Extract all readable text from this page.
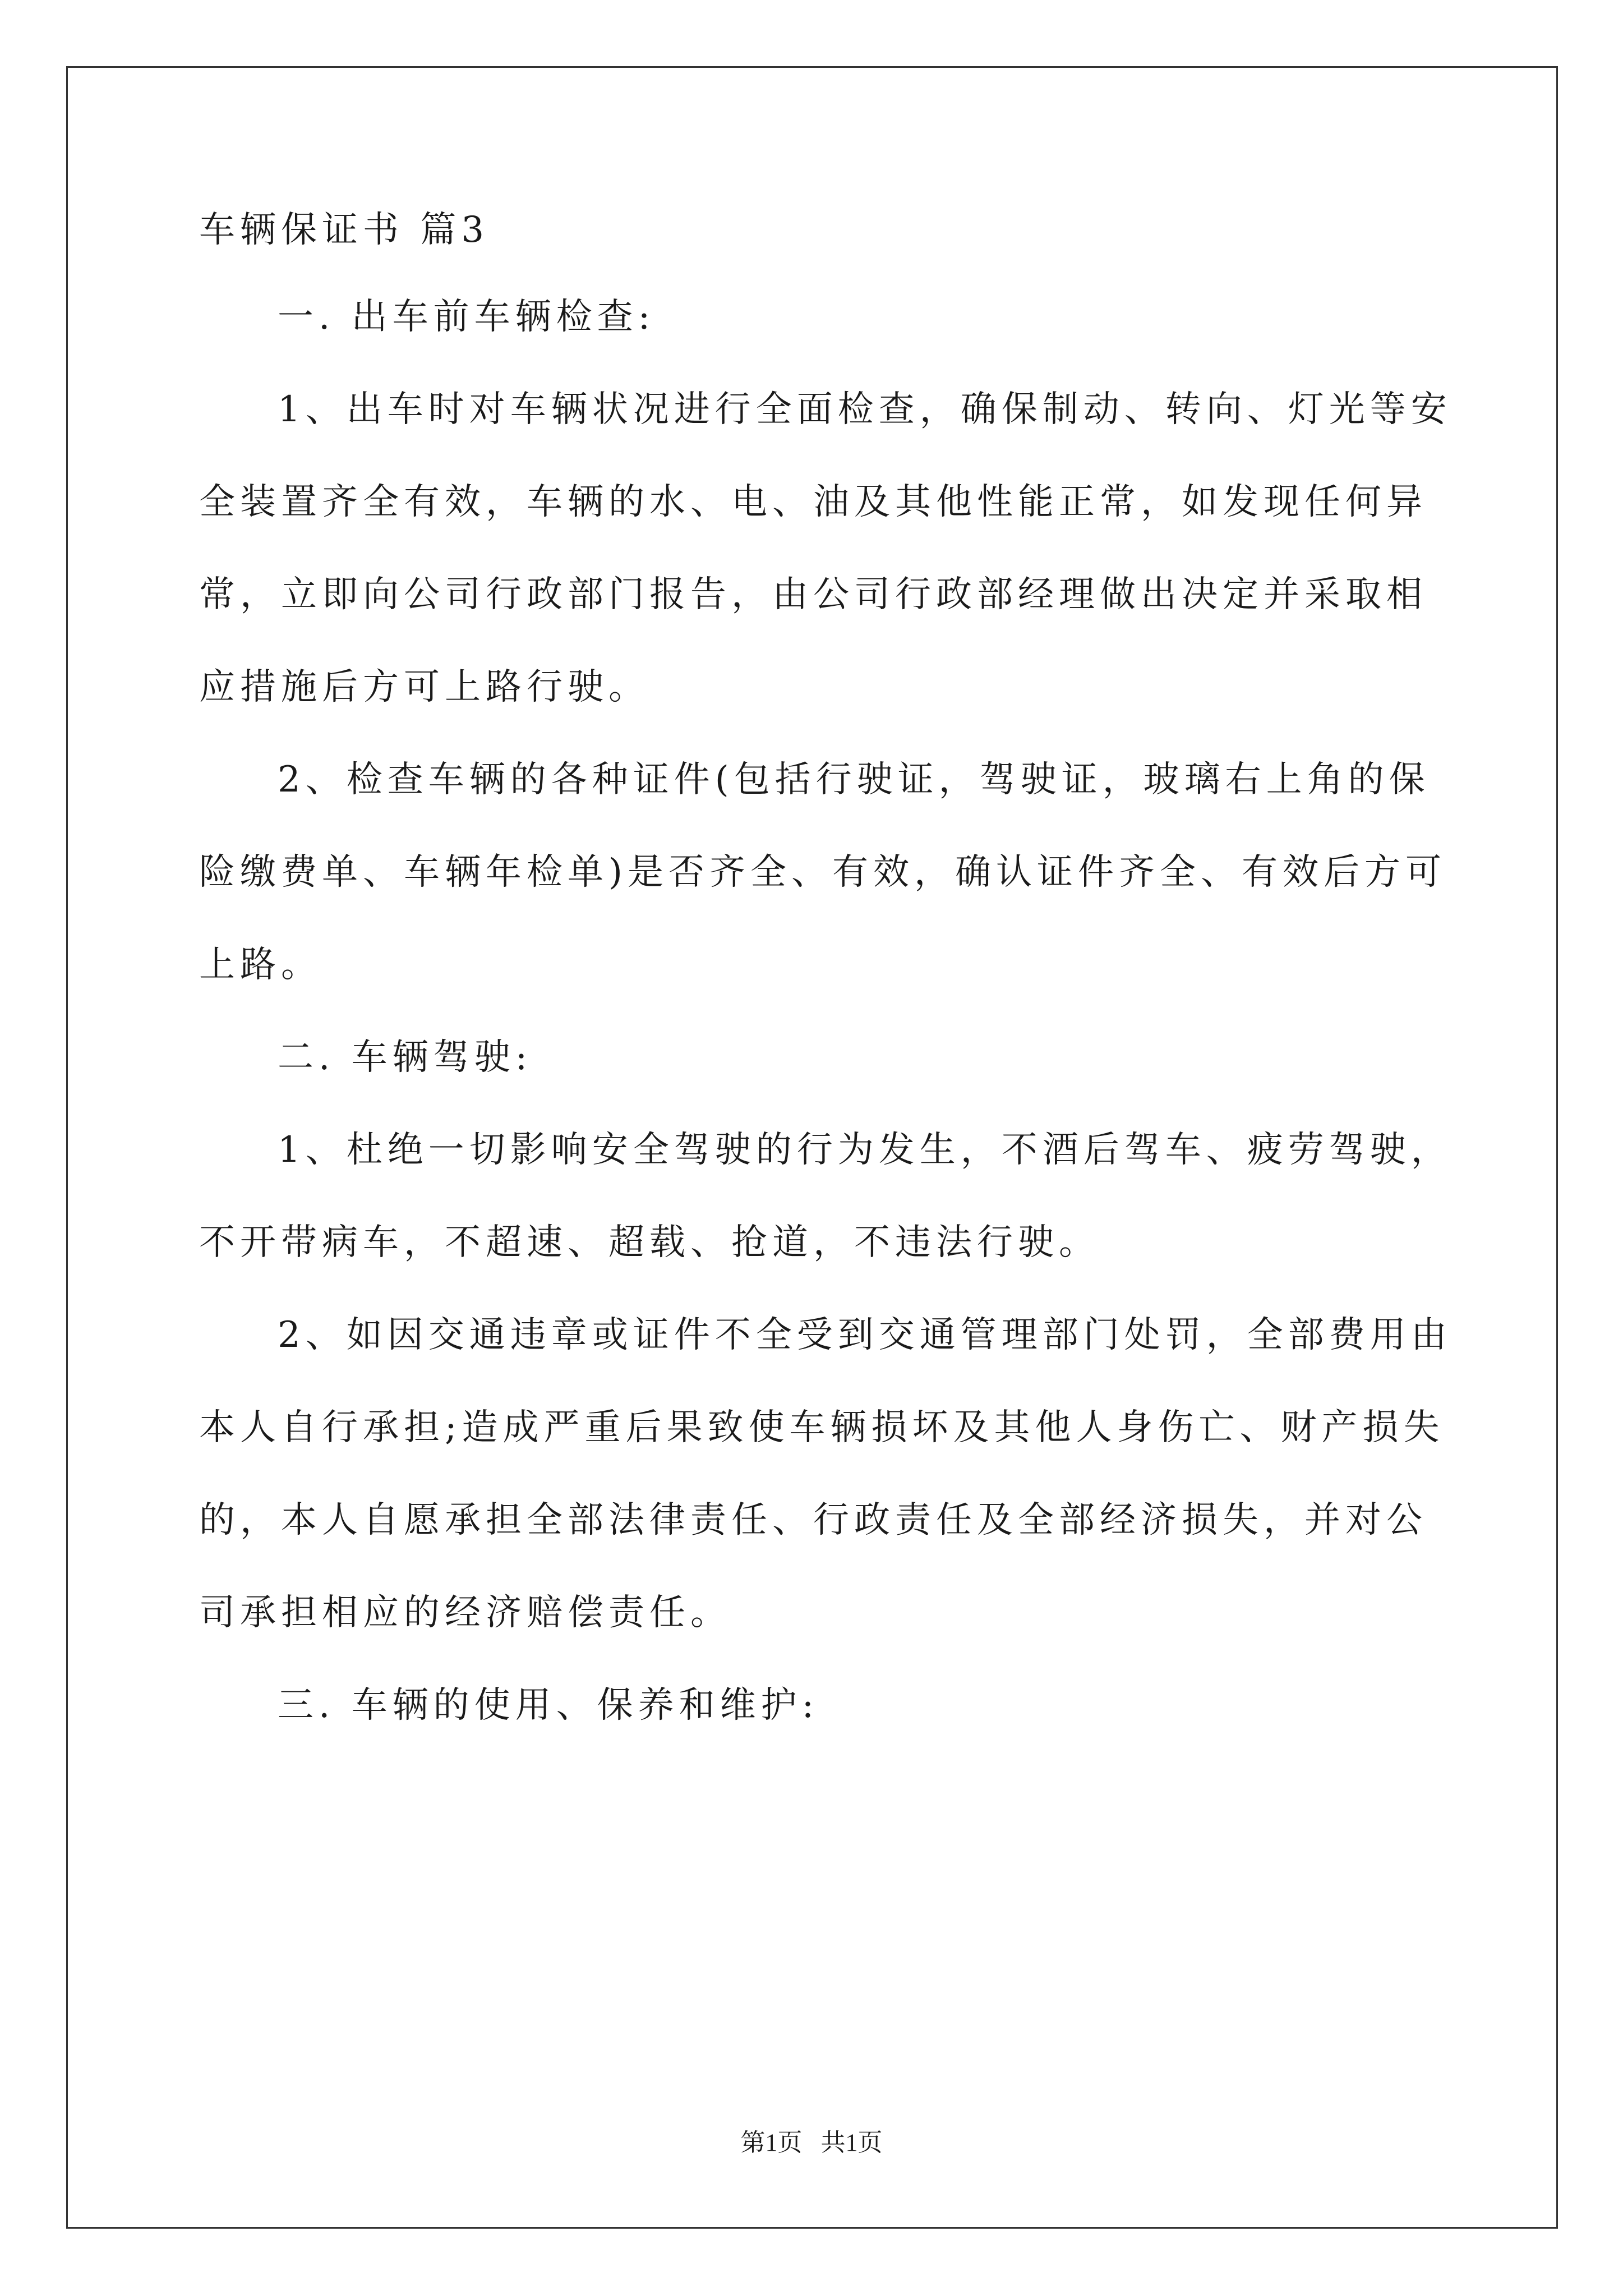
车辆保证书 篇3
一. 出车前车辆检查:
1、出车时对车辆状况进行全面检查，确保制动、转向、灯光等安
全装置齐全有效，车辆的水、电、油及其他性能正常，如发现任何异
常，立即向公司行政部门报告，由公司行政部经理做出决定并采取相
应措施后方可上路行驶。
2、检查车辆的各种证件(包括行驶证，驾驶证，玻璃右上角的保
险缴费单、车辆年检单)是否齐全、有效，确认证件齐全、有效后方可
上路。
二. 车辆驾驶:
1、杜绝一切影响安全驾驶的行为发生，不酒后驾车、疲劳驾驶，
不开带病车，不超速、超载、抢道，不违法行驶。
2、如因交通违章或证件不全受到交通管理部门处罚，全部费用由
本人自行承担;造成严重后果致使车辆损坏及其他人身伤亡、财产损失
的，本人自愿承担全部法律责任、行政责任及全部经济损失，并对公
司承担相应的经济赔偿责任。
三. 车辆的使用、保养和维护:
第1页   共1页
